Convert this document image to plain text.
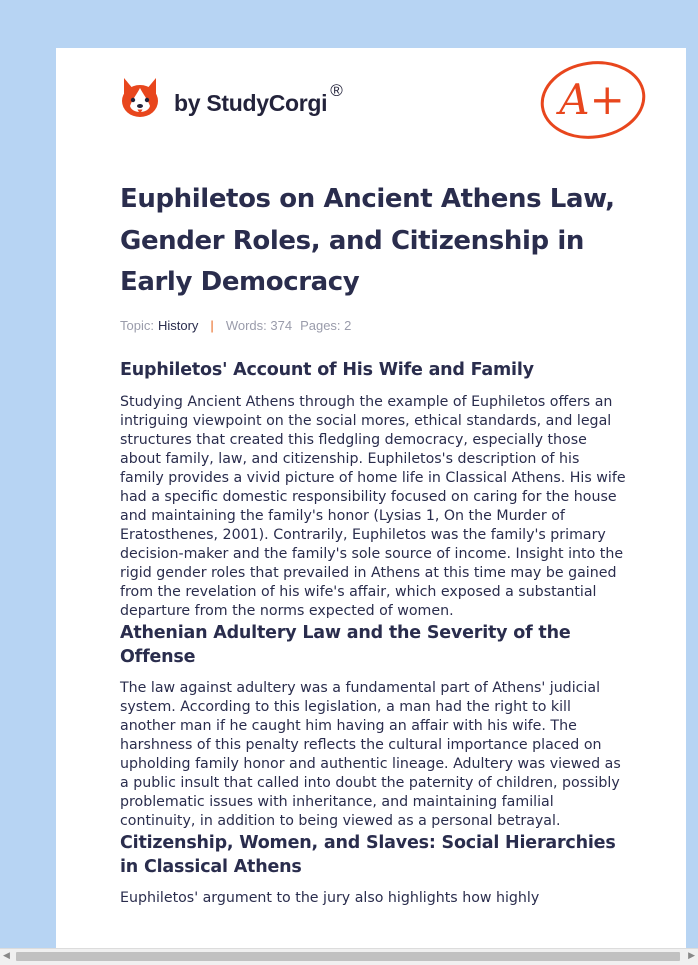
by StudyCorgi ®	A+
Euphiletos on Ancient Athens Law, Gender Roles, and Citizenship in Early Democracy
Topic: History | Words: 374 Pages: 2
Euphiletos' Account of His Wife and Family

Studying Ancient Athens through the example of Euphiletos offers an intriguing viewpoint on the social mores, ethical standards, and legal structures that created this fledgling democracy, especially those about family, law, and citizenship. Euphiletos's description of his family provides a vivid picture of home life in Classical Athens. His wife had a specific domestic responsibility focused on caring for the house and maintaining the family's honor (Lysias 1, On the Murder of Eratosthenes, 2001). Contrarily, Euphiletos was the family's primary decision-maker and the family's sole source of income. Insight into the rigid gender roles that prevailed in Athens at this time may be gained from the revelation of his wife's affair, which exposed a substantial departure from the norms expected of women.

Athenian Adultery Law and the Severity of the Offense

The law against adultery was a fundamental part of Athens' judicial system. According to this legislation, a man had the right to kill another man if he caught him having an affair with his wife. The harshness of this penalty reflects the cultural importance placed on upholding family honor and authentic lineage. Adultery was viewed as a public insult that called into doubt the paternity of children, possibly problematic issues with inheritance, and maintaining familial continuity, in addition to being viewed as a personal betrayal.

Citizenship, Women, and Slaves: Social Hierarchies in Classical Athens

Euphiletos' argument to the jury also highlights how highly

◀	▶
